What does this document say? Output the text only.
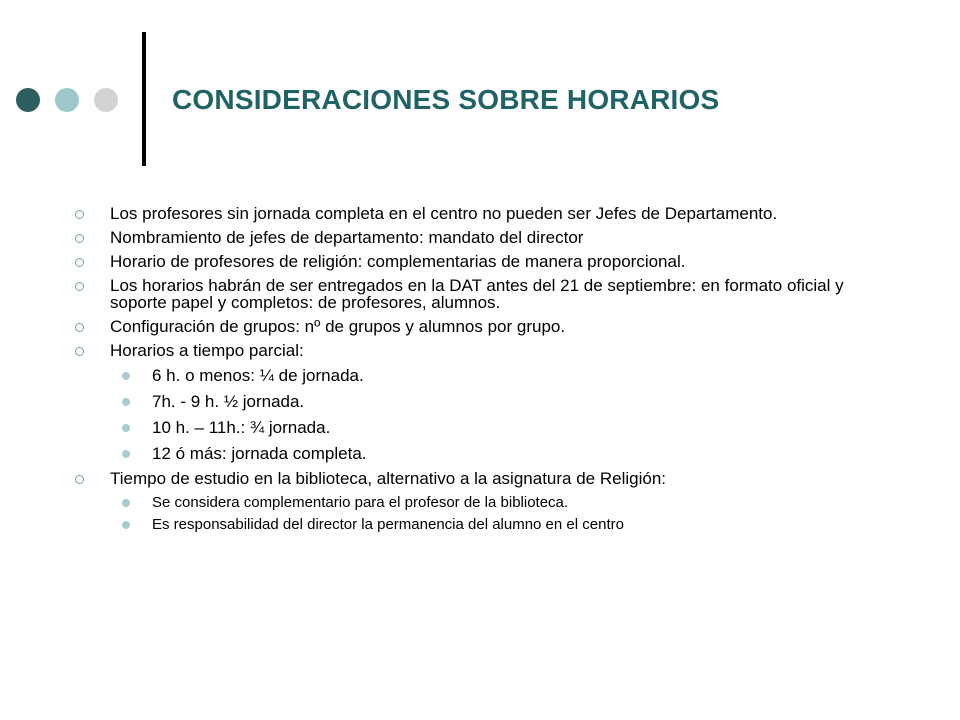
CONSIDERACIONES SOBRE HORARIOS
Los profesores sin jornada completa en el centro no pueden ser Jefes de Departamento.
Nombramiento de jefes de departamento: mandato del director
Horario de profesores de religión: complementarias de manera proporcional.
Los horarios habrán de ser entregados en la DAT antes del 21 de septiembre: en formato oficial y soporte papel y completos: de profesores, alumnos.
Configuración de grupos: nº de grupos y alumnos por grupo.
Horarios a tiempo parcial:
6 h. o menos: ¼ de jornada.
7h. - 9 h. ½ jornada.
10 h. – 11h.: ¾ jornada.
12 ó más: jornada completa.
Tiempo de estudio en la biblioteca, alternativo a la asignatura de Religión:
Se considera complementario para el profesor de la biblioteca.
Es responsabilidad del director la permanencia del alumno en el centro
